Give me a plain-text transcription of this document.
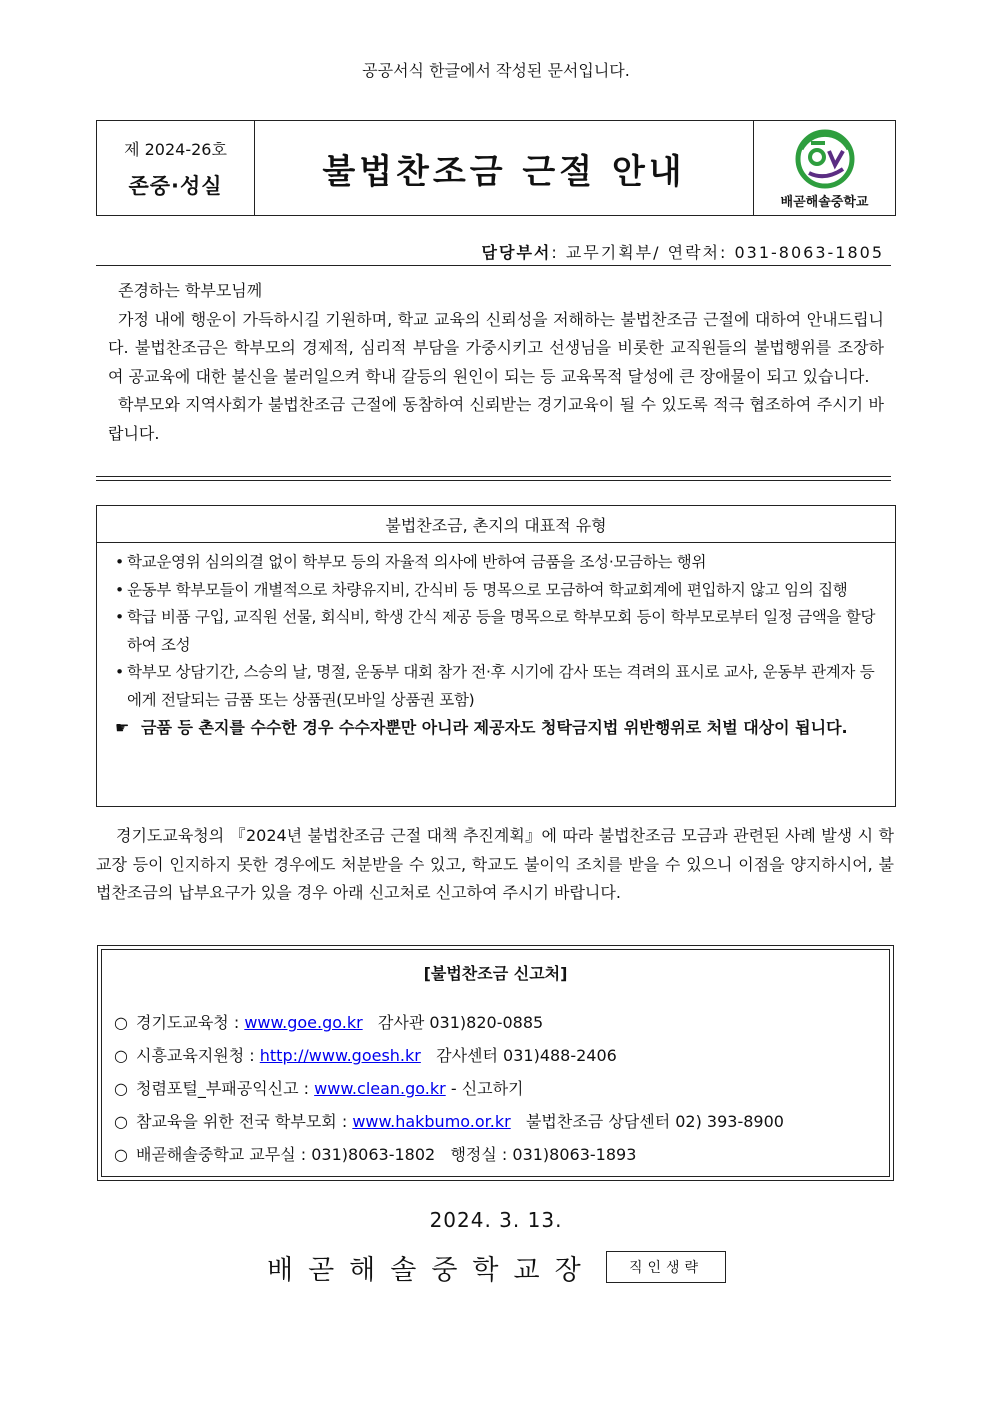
공공서식 한글에서 작성된 문서입니다.
제 2024-26호
존중·성실	불법찬조금 근절 안내
배곧해솔중학교
담당부서: 교무기획부/ 연락처: 031-8063-1805

존경하는 학부모님께

가정 내에 행운이 가득하시길 기원하며, 학교 교육의 신뢰성을 저해하는 불법찬조금 근절에 대하여 안내드립니다. 불법찬조금은 학부모의 경제적, 심리적 부담을 가중시키고 선생님을 비롯한 교직원들의 불법행위를 조장하여 공교육에 대한 불신을 불러일으켜 학내 갈등의 원인이 되는 등 교육목적 달성에 큰 장애물이 되고 있습니다.

학부모와 지역사회가 불법찬조금 근절에 동참하여 신뢰받는 경기교육이 될 수 있도록 적극 협조하여 주시기 바랍니다.

불법찬조금, 촌지의 대표적 유형
• 학교운영위 심의의결 없이 학부모 등의 자율적 의사에 반하여 금품을 조성·모금하는 행위
• 운동부 학부모들이 개별적으로 차량유지비, 간식비 등 명목으로 모금하여 학교회계에 편입하지 않고 임의 집행
• 학급 비품 구입, 교직원 선물, 회식비, 학생 간식 제공 등을 명목으로 학부모회 등이 학부모로부터 일정 금액을 할당하여 조성
• 학부모 상담기간, 스승의 날, 명절, 운동부 대회 참가 전·후 시기에 감사 또는 격려의 표시로 교사, 운동부 관계자 등에게 전달되는 금품 또는 상품권(모바일 상품권 포함)
☛ 금품 등 촌지를 수수한 경우 수수자뿐만 아니라 제공자도 청탁금지법 위반행위로 처벌 대상이 됩니다.
경기도교육청의 『2024년 불법찬조금 근절 대책 추진계획』에 따라 불법찬조금 모금과 관련된 사례 발생 시 학교장 등이 인지하지 못한 경우에도 처분받을 수 있고, 학교도 불이익 조치를 받을 수 있으니 이점을 양지하시어, 불법찬조금의 납부요구가 있을 경우 아래 신고처로 신고하여 주시기 바랍니다.
[불법찬조금 신고처]
○ 경기도교육청 : www.goe.go.kr 감사관 031)820-0885
○ 시흥교육지원청 : http://www.goesh.kr 감사센터 031)488-2406
○ 청렴포털_부패공익신고 : www.clean.go.kr - 신고하기
○ 참교육을 위한 전국 학부모회 : www.hakbumo.or.kr 불법찬조금 상담센터 02) 393-8900
○ 배곧해솔중학교 교무실 : 031)8063-1802   행정실 : 031)8063-1893
2024. 3. 13.
배곧해솔중학교장	직인생략
